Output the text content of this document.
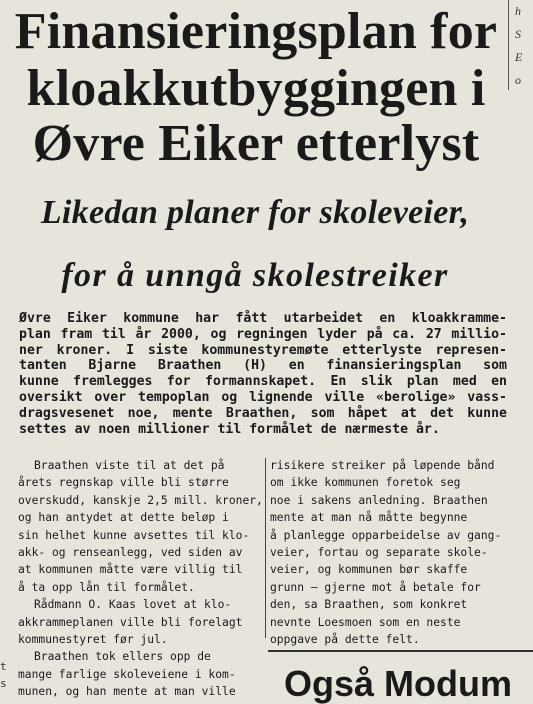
h
S
E
o
Finansieringsplan for
kloakkutbyggingen i
Øvre Eiker etterlyst
Likedan planer for skoleveier,
for å unngå skolestreiker
Øvre Eiker kommune har fått utarbeidet en kloakkramme-
plan fram til år 2000, og regningen lyder på ca. 27 millio-
ner kroner. I siste kommunestyremøte etterlyste represen-
tanten Bjarne Braathen (H) en finansieringsplan som
kunne fremlegges for formannskapet. En slik plan med en
oversikt over tempoplan og lignende ville «berolige» vass-
dragsvesenet noe, mente Braathen, som håpet at det kunne
settes av noen millioner til formålet de nærmeste år.
Braathen viste til at det på
årets regnskap ville bli større
overskudd, kanskje 2,5 mill. kroner,
og han antydet at dette beløp i
sin helhet kunne avsettes til klo-
akk- og renseanlegg, ved siden av
at kommunen måtte være villig til
å ta opp lån til formålet.
Rådmann O. Kaas lovet at klo-
akkrammeplanen ville bli forelagt
kommunestyret før jul.
Braathen tok ellers opp de
mange farlige skoleveiene i kom-
munen, og han mente at man ville
risikere streiker på løpende bånd
om ikke kommunen foretok seg
noe i sakens anledning. Braathen
mente at man nå måtte begynne
å planlegge opparbeidelse av gang-
veier, fortau og separate skole-
veier, og kommunen bør skaffe
grunn — gjerne mot å betale for
den, sa Braathen, som konkret
nevnte Loesmoen som en neste
oppgave på dette felt.
Også Modum
t
s
